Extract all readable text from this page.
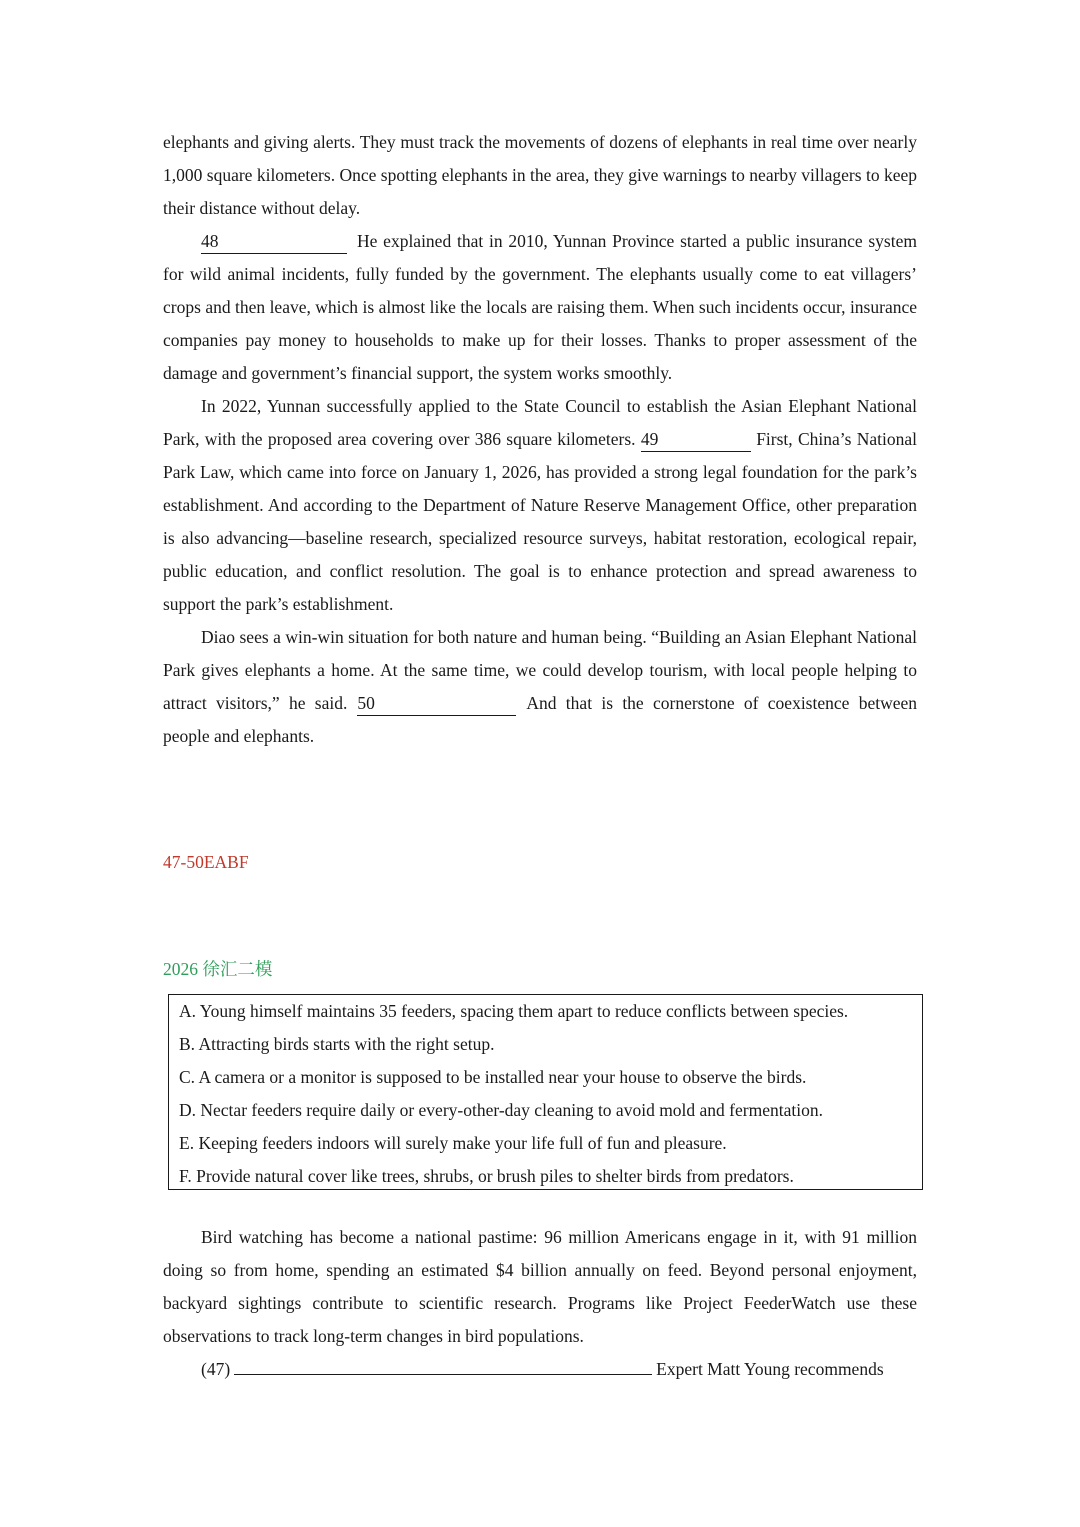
elephants and giving alerts. They must track the movements of dozens of elephants in real time over nearly 1,000 square kilometers. Once spotting elephants in the area, they give warnings to nearby villagers to keep their distance without delay.

48	He explained that in 2010, Yunnan Province started a public insurance system for wild animal incidents, fully funded by the government. The elephants usually come to eat villagers’ crops and then leave, which is almost like the locals are raising them. When such incidents occur, insurance companies pay money to households to make up for their losses. Thanks to proper assessment of the damage and government’s financial support, the system works smoothly.

In 2022, Yunnan successfully applied to the State Council to establish the Asian Elephant National Park, with the proposed area covering over 386 square kilometers. 49	First, China’s National Park Law, which came into force on January 1, 2026, has provided a strong legal foundation for the park’s establishment. And according to the Department of Nature Reserve Management Office, other preparation is also advancing—baseline research, specialized resource surveys, habitat restoration, ecological repair, public education, and conflict resolution. The goal is to enhance protection and spread awareness to support the park’s establishment.

Diao sees a win-win situation for both nature and human being. “Building an Asian Elephant National Park gives elephants a home. At the same time, we could develop tourism, with local people helping to attract visitors,” he said. 50	And that is the cornerstone of coexistence between people and elephants.

47-50EABF

2026 徐汇二模

A. Young himself maintains 35 feeders, spacing them apart to reduce conflicts between species.

B. Attracting birds starts with the right setup.

C. A camera or a monitor is supposed to be installed near your house to observe the birds.

D. Nectar feeders require daily or every-other-day cleaning to avoid mold and fermentation.

E. Keeping feeders indoors will surely make your life full of fun and pleasure.

F. Provide natural cover like trees, shrubs, or brush piles to shelter birds from predators.

Bird watching has become a national pastime: 96 million Americans engage in it, with 91 million doing so from home, spending an estimated $4 billion annually on feed. Beyond personal enjoyment, backyard sightings contribute to scientific research. Programs like Project FeederWatch use these observations to track long-term changes in bird populations.

(47)	Expert Matt Young recommends
